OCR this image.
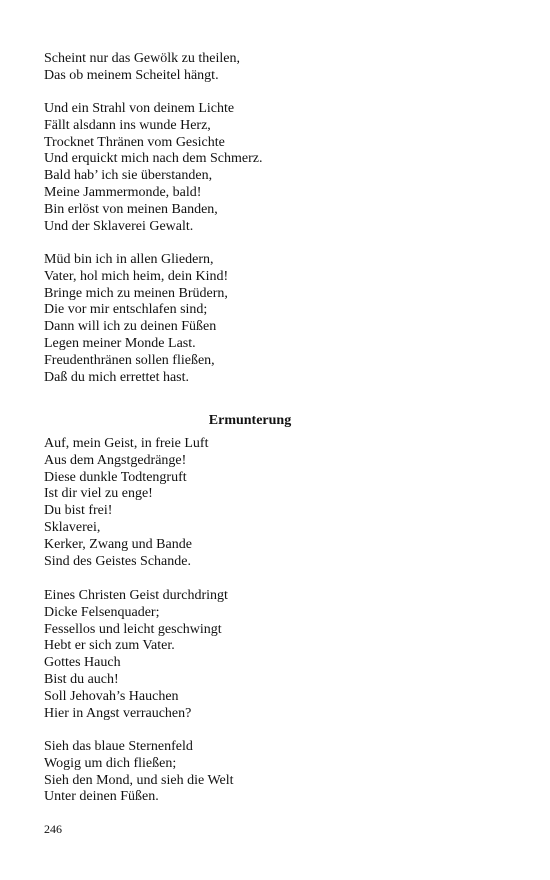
Scheint nur das Gewölk zu theilen,
Das ob meinem Scheitel hängt.
Und ein Strahl von deinem Lichte
Fällt alsdann ins wunde Herz,
Trocknet Thränen vom Gesichte
Und erquickt mich nach dem Schmerz.
Bald hab’ ich sie überstanden,
Meine Jammermonde, bald!
Bin erlöst von meinen Banden,
Und der Sklaverei Gewalt.
Müd bin ich in allen Gliedern,
Vater, hol mich heim, dein Kind!
Bringe mich zu meinen Brüdern,
Die vor mir entschlafen sind;
Dann will ich zu deinen Füßen
Legen meiner Monde Last.
Freudenthränen sollen fließen,
Daß du mich errettet hast.
Ermunterung
Auf, mein Geist, in freie Luft
Aus dem Angstgedränge!
Diese dunkle Todtengruft
Ist dir viel zu enge!
Du bist frei!
Sklaverei,
Kerker, Zwang und Bande
Sind des Geistes Schande.
Eines Christen Geist durchdringt
Dicke Felsenquader;
Fessellos und leicht geschwingt
Hebt er sich zum Vater.
Gottes Hauch
Bist du auch!
Soll Jehovah’s Hauchen
Hier in Angst verrauchen?
Sieh das blaue Sternenfeld
Wogig um dich fließen;
Sieh den Mond, und sieh die Welt
Unter deinen Füßen.
246
